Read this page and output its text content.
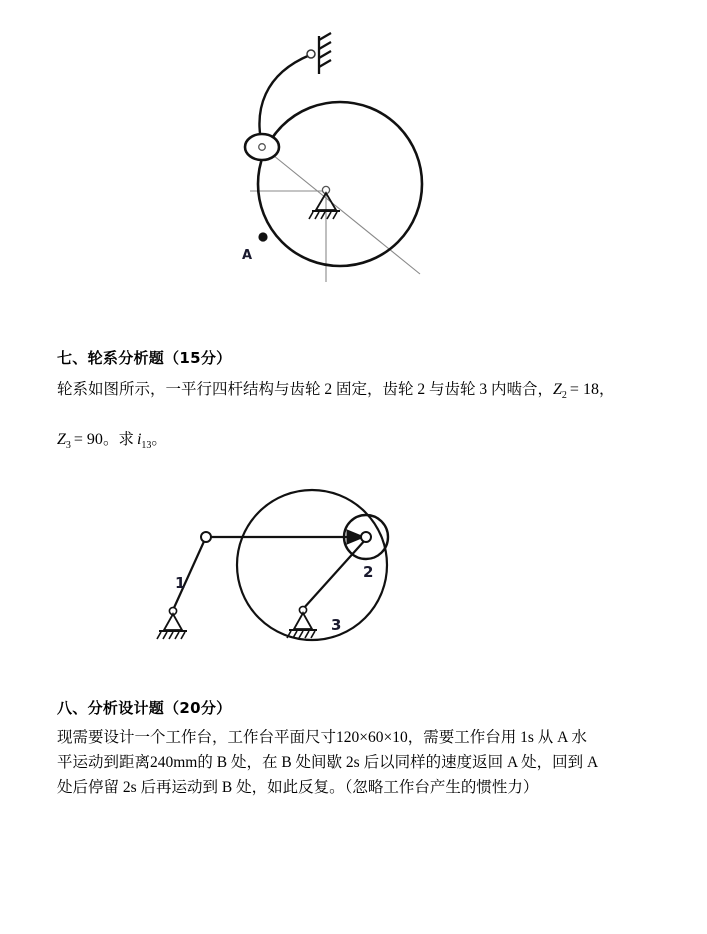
A
1
2
3
七、轮系分析题（15分）

轮系如图所示，一平行四杆结构与齿轮 2 固定，齿轮 2 与齿轮 3 内啮合，$Z_2 = 18$，
$Z_3 = 90$。求 $i_{13}$。

八、分析设计题（20分）

现需要设计一个工作台，工作台平面尺寸120×60×10，需要工作台用 1s 从 A 水平运动到距离240mm的 B 处，在 B 处间歇 2s 后以同样的速度返回 A 处，回到 A 处后停留 2s 后再运动到 B 处，如此反复。（忽略工作台产生的惯性力）
